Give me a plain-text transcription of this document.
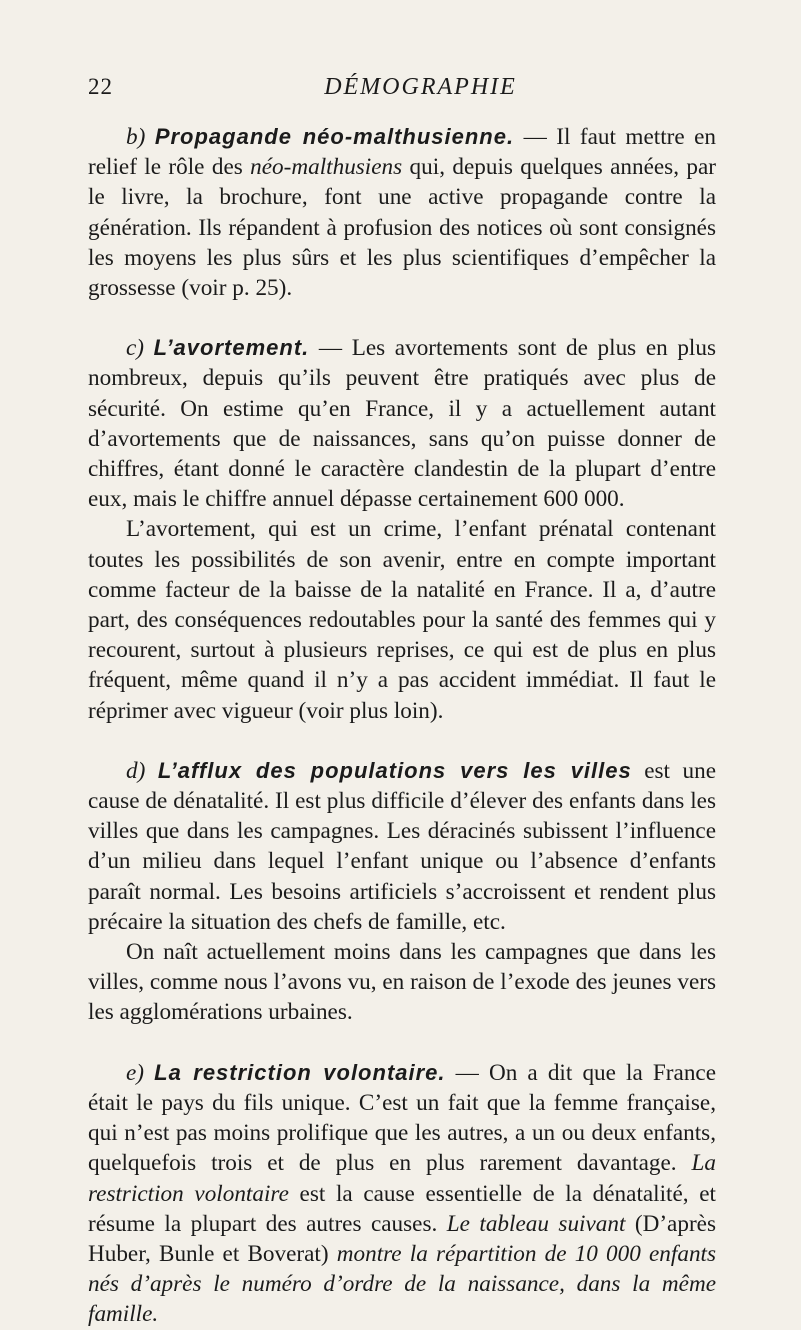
22	DÉMOGRAPHIE

b) Propagande néo-malthusienne. — Il faut mettre en relief le rôle des néo-malthusiens qui, depuis quelques années, par le livre, la brochure, font une active propagande contre la génération. Ils répandent à profusion des notices où sont consignés les moyens les plus sûrs et les plus scientifiques d’empêcher la grossesse (voir p. 25).

c) L’avortement. — Les avortements sont de plus en plus nombreux, depuis qu’ils peuvent être pratiqués avec plus de sécurité. On estime qu’en France, il y a actuellement autant d’avortements que de naissances, sans qu’on puisse donner de chiffres, étant donné le caractère clandestin de la plupart d’entre eux, mais le chiffre annuel dépasse certainement 600 000.

L’avortement, qui est un crime, l’enfant prénatal contenant toutes les possibilités de son avenir, entre en compte important comme facteur de la baisse de la natalité en France. Il a, d’autre part, des conséquences redoutables pour la santé des femmes qui y recourent, surtout à plusieurs reprises, ce qui est de plus en plus fréquent, même quand il n’y a pas accident immédiat. Il faut le réprimer avec vigueur (voir plus loin).

d) L’afflux des populations vers les villes est une cause de dénatalité. Il est plus difficile d’élever des enfants dans les villes que dans les campagnes. Les déracinés subissent l’influence d’un milieu dans lequel l’enfant unique ou l’absence d’enfants paraît normal. Les besoins artificiels s’accroissent et rendent plus précaire la situation des chefs de famille, etc.

On naît actuellement moins dans les campagnes que dans les villes, comme nous l’avons vu, en raison de l’exode des jeunes vers les agglomérations urbaines.

e) La restriction volontaire. — On a dit que la France était le pays du fils unique. C’est un fait que la femme française, qui n’est pas moins prolifique que les autres, a un ou deux enfants, quelquefois trois et de plus en plus rarement davantage. La restriction volontaire est la cause essentielle de la dénatalité, et résume la plupart des autres causes. Le tableau suivant (D’après Huber, Bunle et Boverat) montre la répartition de 10 000 enfants nés d’après le numéro d’ordre de la naissance, dans la même famille.
